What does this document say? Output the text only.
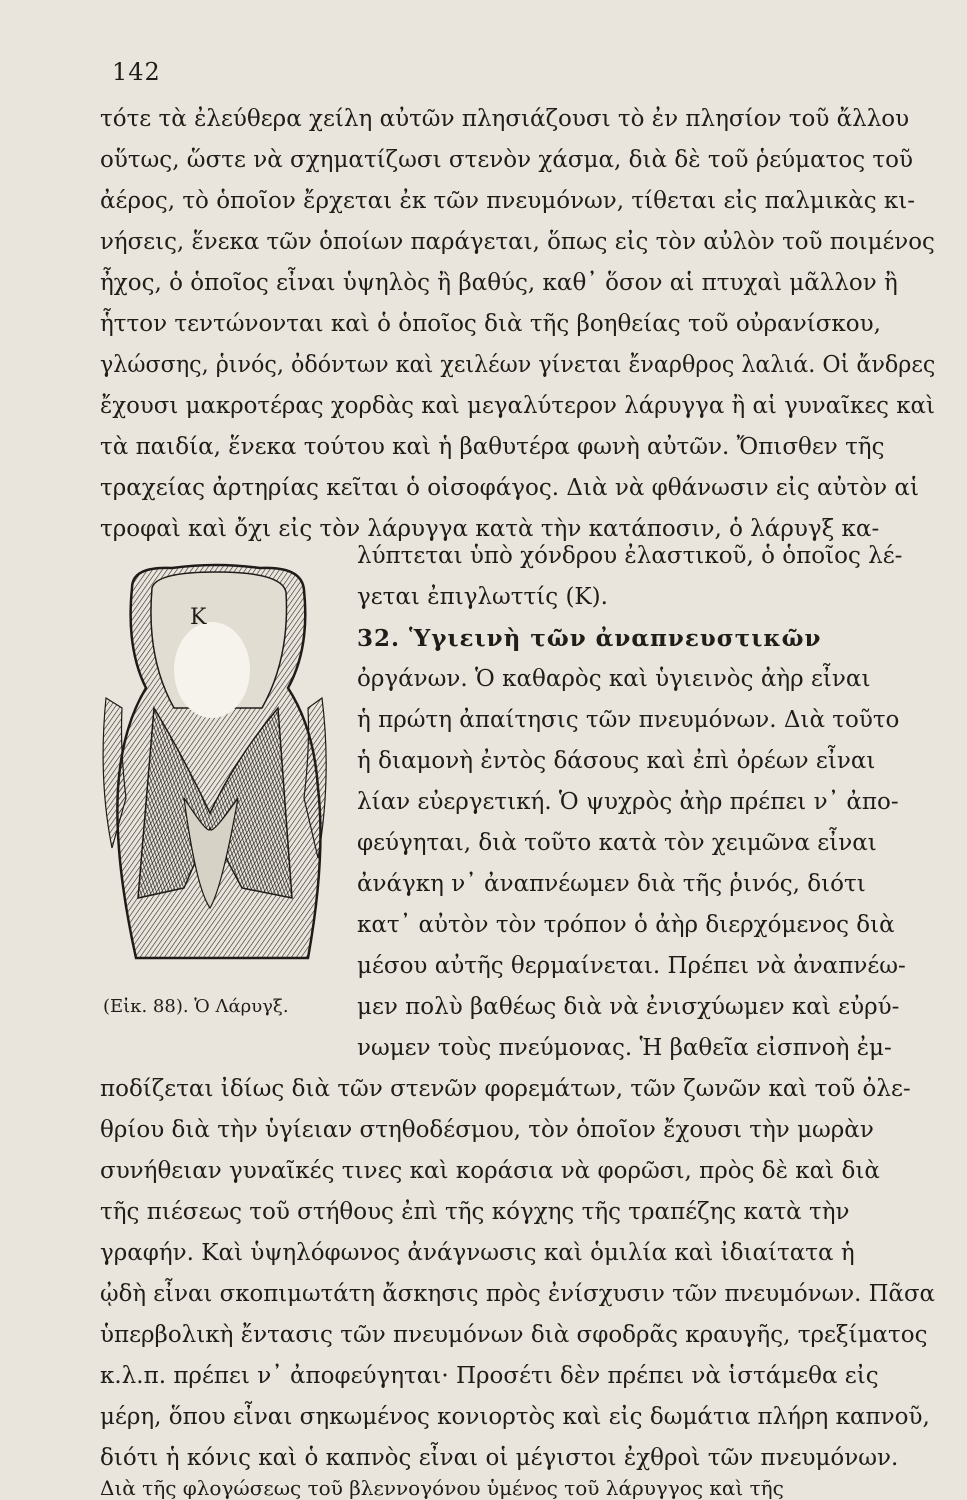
142
τότε τὰ ἐλεύθερα χείλη αὐτῶν πλησιάζουσι τὸ ἐν πλησίον τοῦ ἄλλου
οὕτως, ὥστε νὰ σχηματίζωσι στενὸν χάσμα, διὰ δὲ τοῦ ῥεύματος τοῦ
ἀέρος, τὸ ὁποῖον ἔρχεται ἐκ τῶν πνευμόνων, τίθεται εἰς παλμικὰς κι-
νήσεις, ἕνεκα τῶν ὁποίων παράγεται, ὅπως εἰς τὸν αὐλὸν τοῦ ποιμένος
ἦχος, ὁ ὁποῖος εἶναι ὑψηλὸς ἢ βαθύς, καθ᾽ ὅσον αἱ πτυχαὶ μᾶλλον ἢ
ἧττον τεντώνονται καὶ ὁ ὁποῖος διὰ τῆς βοηθείας τοῦ οὐρανίσκου,
γλώσσης, ῥινός, ὀδόντων καὶ χειλέων γίνεται ἔναρθρος λαλιά. Οἱ ἄνδρες
ἔχουσι μακροτέρας χορδὰς καὶ μεγαλύτερον λάρυγγα ἢ αἱ γυναῖκες καὶ
τὰ παιδία, ἕνεκα τούτου καὶ ἡ βαθυτέρα φωνὴ αὐτῶν. Ὄπισθεν τῆς
τραχείας ἀρτηρίας κεῖται ὁ οἰσοφάγος. Διὰ νὰ φθάνωσιν εἰς αὐτὸν αἱ
τροφαὶ καὶ ὄχι εἰς τὸν λάρυγγα κατὰ τὴν κατάποσιν, ὁ λάρυγξ κα-
K
(Εἰκ. 88). Ὁ Λάρυγξ.
λύπτεται ὑπὸ χόνδρου ἐλαστικοῦ, ὁ ὁποῖος λέ-
γεται ἐπιγλωττίς (Κ).
32. Ὑγιεινὴ τῶν ἀναπνευστικῶν
ὀργάνων. Ὁ καθαρὸς καὶ ὑγιεινὸς ἀὴρ εἶναι
ἡ πρώτη ἀπαίτησις τῶν πνευμόνων. Διὰ τοῦτο
ἡ διαμονὴ ἐντὸς δάσους καὶ ἐπὶ ὀρέων εἶναι
λίαν εὐεργετική. Ὁ ψυχρὸς ἀὴρ πρέπει ν᾽ ἀπο-
φεύγηται, διὰ τοῦτο κατὰ τὸν χειμῶνα εἶναι
ἀνάγκη ν᾽ ἀναπνέωμεν διὰ τῆς ῥινός, διότι
κατ᾽ αὐτὸν τὸν τρόπον ὁ ἀὴρ διερχόμενος διὰ
μέσου αὐτῆς θερμαίνεται. Πρέπει νὰ ἀναπνέω-
μεν πολὺ βαθέως διὰ νὰ ἐνισχύωμεν καὶ εὐρύ-
νωμεν τοὺς πνεύμονας. Ἡ βαθεῖα εἰσπνοὴ ἐμ-
ποδίζεται ἰδίως διὰ τῶν στενῶν φορεμάτων, τῶν ζωνῶν καὶ τοῦ ὀλε-
θρίου διὰ τὴν ὑγίειαν στηθοδέσμου, τὸν ὁποῖον ἔχουσι τὴν μωρὰν
συνήθειαν γυναῖκές τινες καὶ κοράσια νὰ φορῶσι, πρὸς δὲ καὶ διὰ
τῆς πιέσεως τοῦ στήθους ἐπὶ τῆς κόγχης τῆς τραπέζης κατὰ τὴν
γραφήν. Καὶ ὑψηλόφωνος ἀνάγνωσις καὶ ὁμιλία καὶ ἰδιαίτατα ἡ
ᾠδὴ εἶναι σκοπιμωτάτη ἄσκησις πρὸς ἐνίσχυσιν τῶν πνευμόνων. Πᾶσα
ὑπερβολικὴ ἔντασις τῶν πνευμόνων διὰ σφοδρᾶς κραυγῆς, τρεξίματος
κ.λ.π. πρέπει ν᾽ ἀποφεύγηται· Προσέτι δὲν πρέπει νὰ ἱστάμεθα εἰς
μέρη, ὅπου εἶναι σηκωμένος κονιορτὸς καὶ εἰς δωμάτια πλήρη καπνοῦ,
διότι ἡ κόνις καὶ ὁ καπνὸς εἶναι οἱ μέγιστοι ἐχθροὶ τῶν πνευμόνων.
Διὰ τῆς φλογώσεως τοῦ βλεννογόνου ὑμένος τοῦ λάρυγγος καὶ τῆς
